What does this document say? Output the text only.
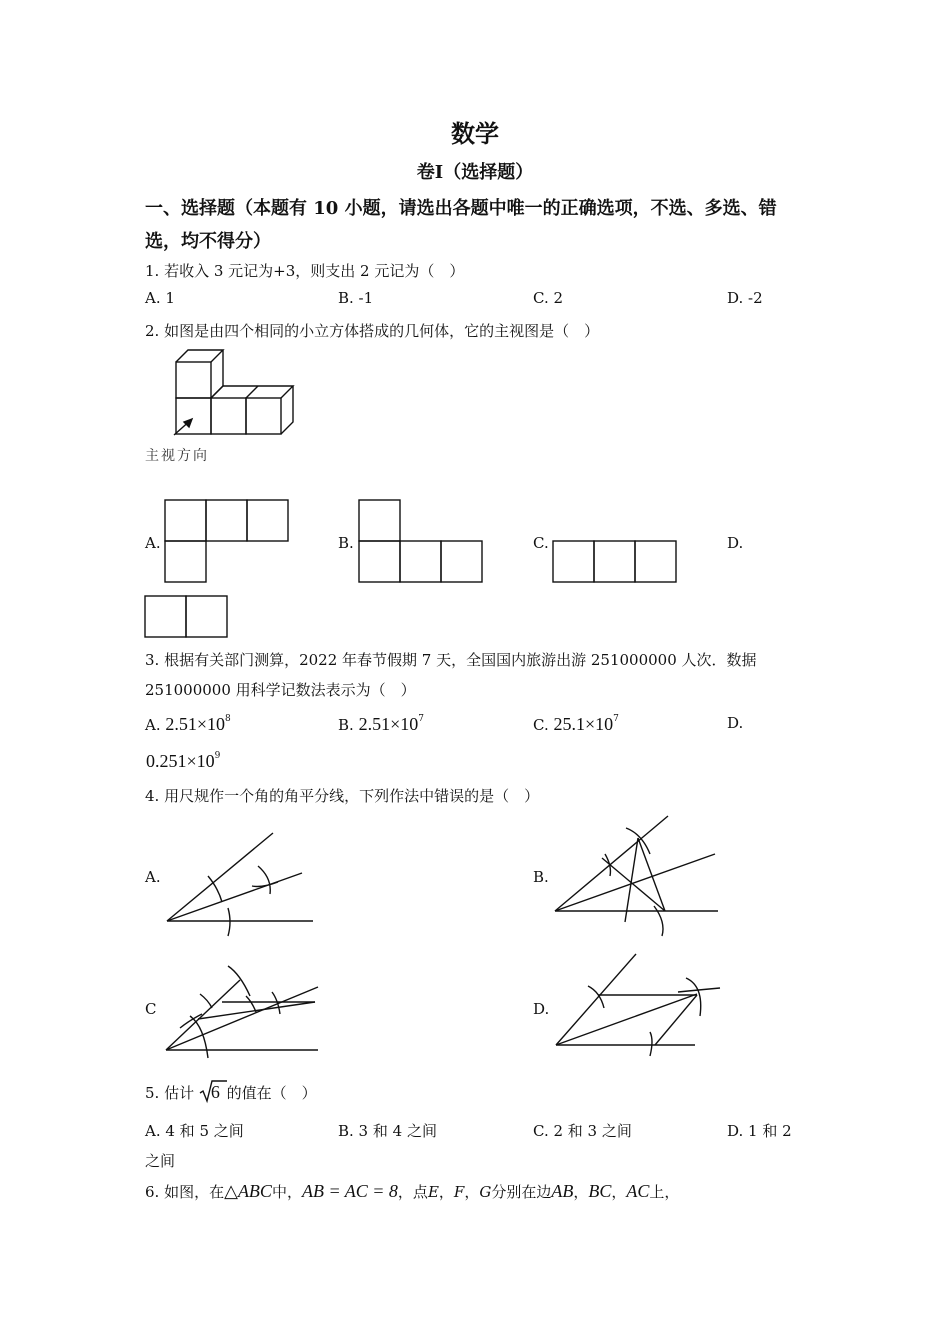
数学
卷Ⅰ（选择题）
一、选择题（本题有 10 小题，请选出各题中唯一的正确选项，不选、多选、错
选，均不得分）
1. 若收入 3 元记为+3，则支出 2 元记为（　）
A. 1	B. -1	C. 2	D. -2
2. 如图是由四个相同的小立方体搭成的几何体，它的主视图是（　）
主视方向
A.	B.	C.	D.
3. 根据有关部门测算，2022 年春节假期 7 天，全国国内旅游出游 251000000 人次．数据
251000000 用科学记数法表示为（　）
A. $2.51\times 10^8$	B. $2.51\times 10^7$	C. $25.1\times 10^7$	D.
$0.251\times 10^9$
4. 用尺规作一个角的角平分线，下列作法中错误的是（　）
A.	B.
C	D.
5. 估计 6 的值在（　）
A. 4 和 5 之间	B. 3 和 4 之间	C. 2 和 3 之间	D. 1 和 2
之间
6. 如图，在△ABC中，AB = AC = 8，点E，F，G分别在边AB，BC，AC上，
